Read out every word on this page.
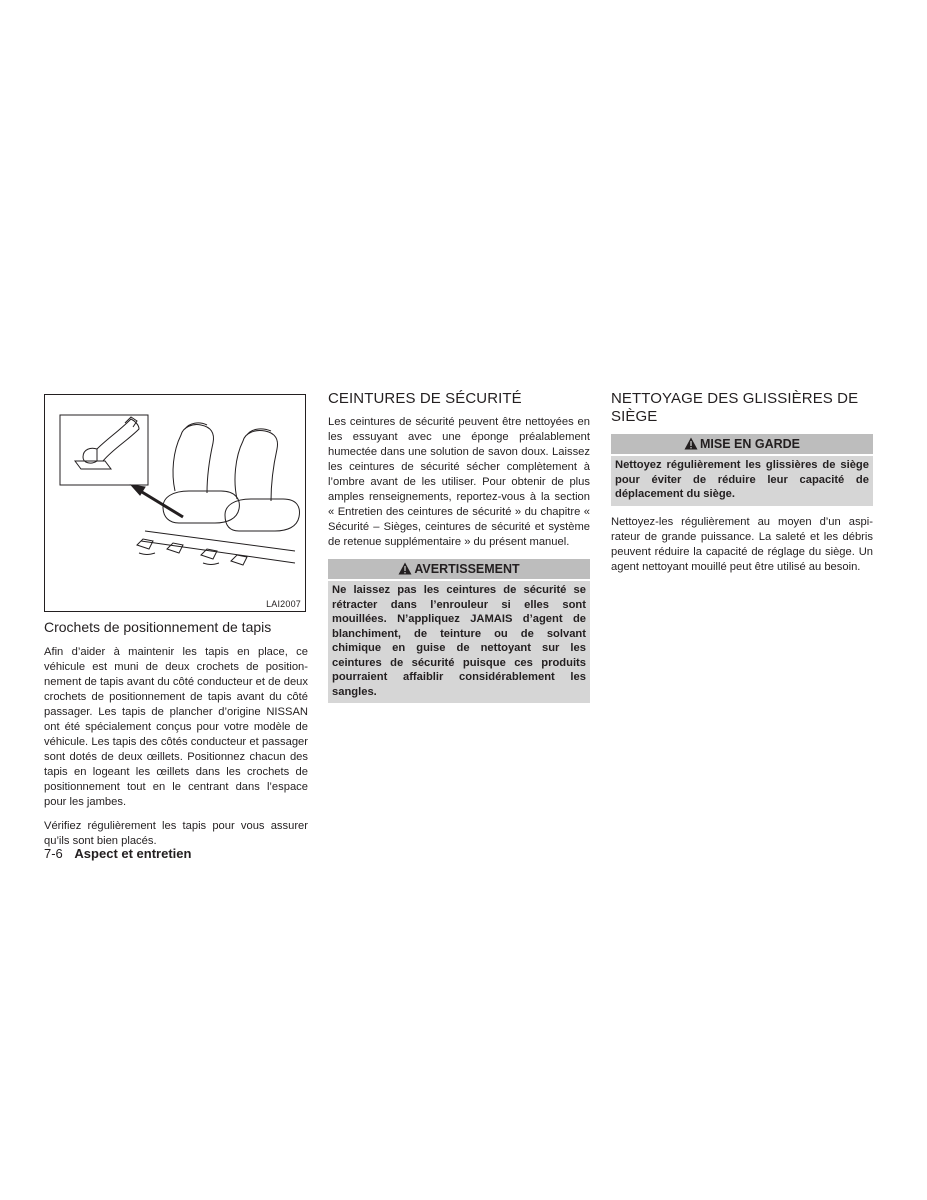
LAI2007
Crochets de positionnement de tapis

Afin d’aider à maintenir les tapis en place, ce véhicule est muni de deux crochets de positionnement de tapis avant du côté conducteur et de deux crochets de positionnement de tapis avant du côté passager. Les tapis de plancher d’origine NISSAN ont été spécialement conçus pour votre modèle de véhicule. Les tapis des côtés conducteur et passager sont dotés de deux œillets. Positionnez chacun des tapis en logeant les œillets dans les crochets de positionnement tout en le centrant dans l’espace pour les jambes.

Vérifiez régulièrement les tapis pour vous assurer qu’ils sont bien placés.

CEINTURES DE SÉCURITÉ

Les ceintures de sécurité peuvent être nettoyées en les essuyant avec une éponge préalablement humectée dans une solution de savon doux. Laissez les ceintures de sécurité sécher complètement à l’ombre avant de les utiliser. Pour obtenir de plus amples renseignements, reportez-vous à la section « Entretien des ceintures de sécurité » du chapitre « Sécurité – Sièges, ceintures de sécurité et système de retenue supplémentaire » du présent manuel.

AVERTISSEMENT
Ne laissez pas les ceintures de sécurité se rétracter dans l’enrouleur si elles sont mouillées. N’appliquez JAMAIS d’agent de blanchiment, de teinture ou de solvant chimique en guise de nettoyant sur les ceintures de sécurité puisque ces produits pourraient affaiblir considérablement les sangles.
NETTOYAGE DES GLISSIÈRES DE SIÈGE
MISE EN GARDE
Nettoyez régulièrement les glissières de siège pour éviter de réduire leur capacité de déplacement du siège.

Nettoyez-les régulièrement au moyen d’un aspirateur de grande puissance. La saleté et les débris peuvent réduire la capacité de réglage du siège. Un agent nettoyant mouillé peut être utilisé au besoin.

7-6 Aspect et entretien
